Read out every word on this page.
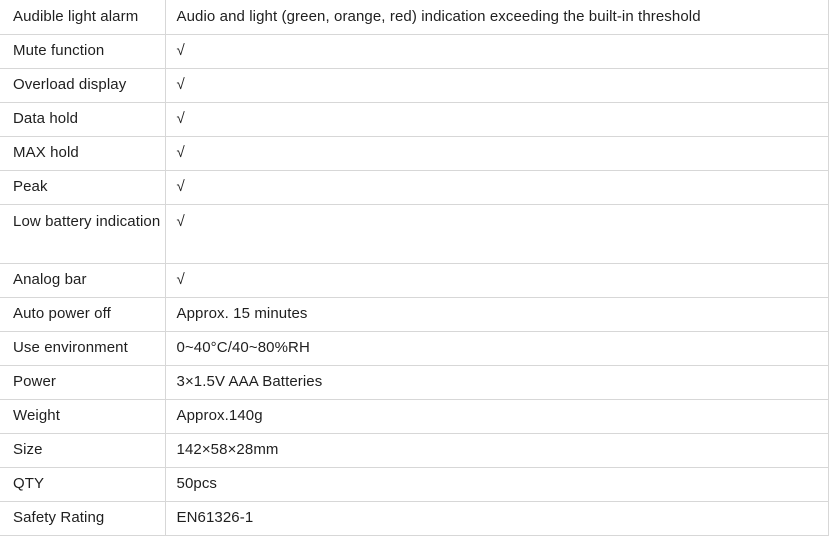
Audible light alarm	Audio and light (green, orange, red) indication exceeding the built-in threshold
Mute function	√
Overload display	√
Data hold	√
MAX hold	√
Peak	√
Low battery indication	√
Analog bar	√
Auto power off	Approx. 15 minutes
Use environment	0~40°C/40~80%RH
Power	3×1.5V AAA Batteries
Weight	Approx.140g
Size	142×58×28mm
QTY	50pcs
Safety Rating	EN61326-1
